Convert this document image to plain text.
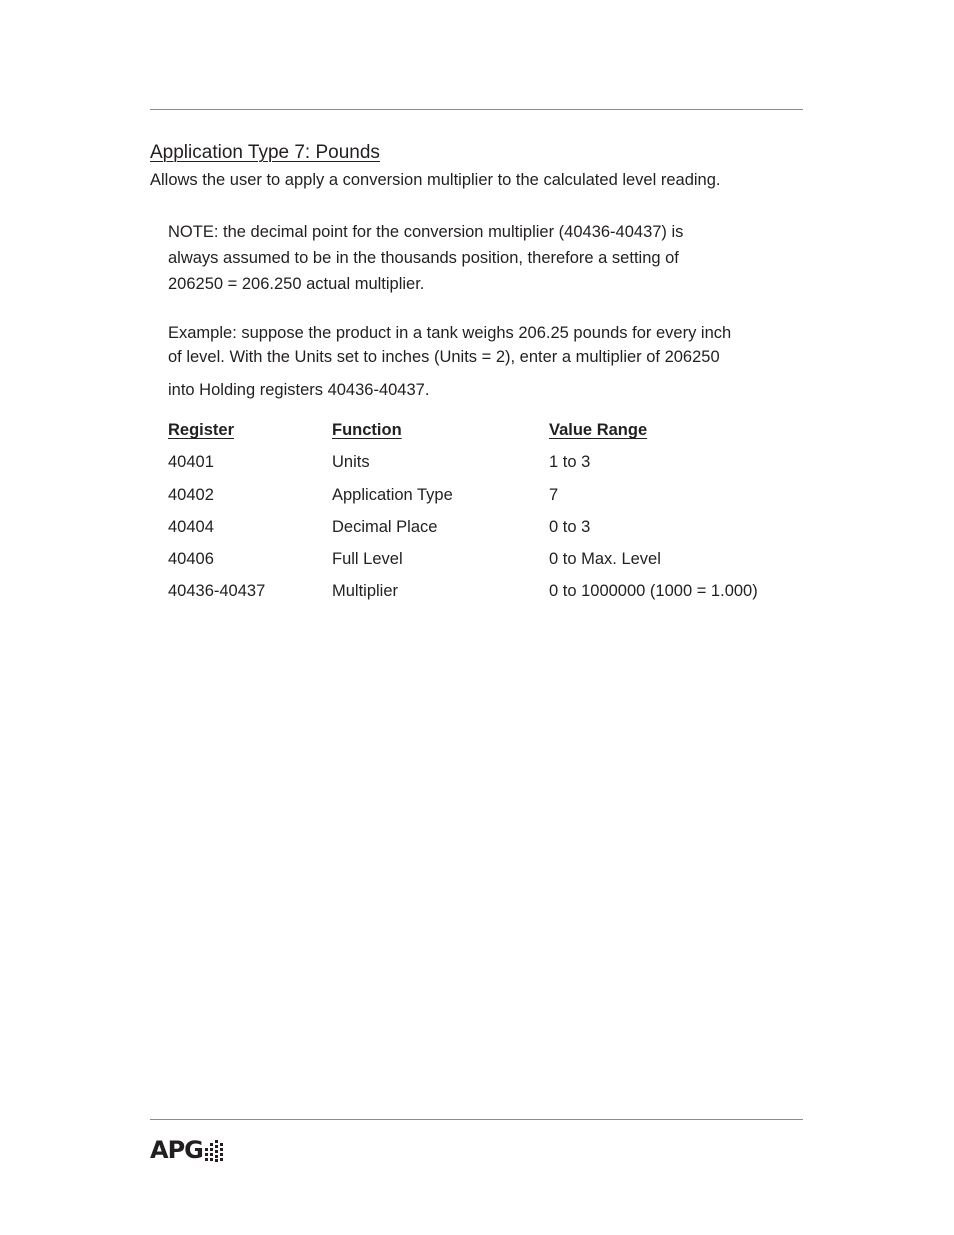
Application Type 7: Pounds
Allows the user to apply a conversion multiplier to the calculated level reading.
NOTE: the decimal point for the conversion multiplier (40436-40437) is
always assumed to be in the thousands position, therefore a setting of
206250 = 206.250 actual multiplier.
Example: suppose the product in a tank weighs 206.25 pounds for every inch
of level. With the Units set to inches (Units = 2), enter a multiplier of 206250
into Holding registers 40436-40437.
Register	Function	Value Range
40401	Units	1 to 3
40402	Application Type	7
40404	Decimal Place	0 to 3
40406	Full Level	0 to Max. Level
40436-40437	Multiplier	0 to 1000000 (1000 = 1.000)
APG
